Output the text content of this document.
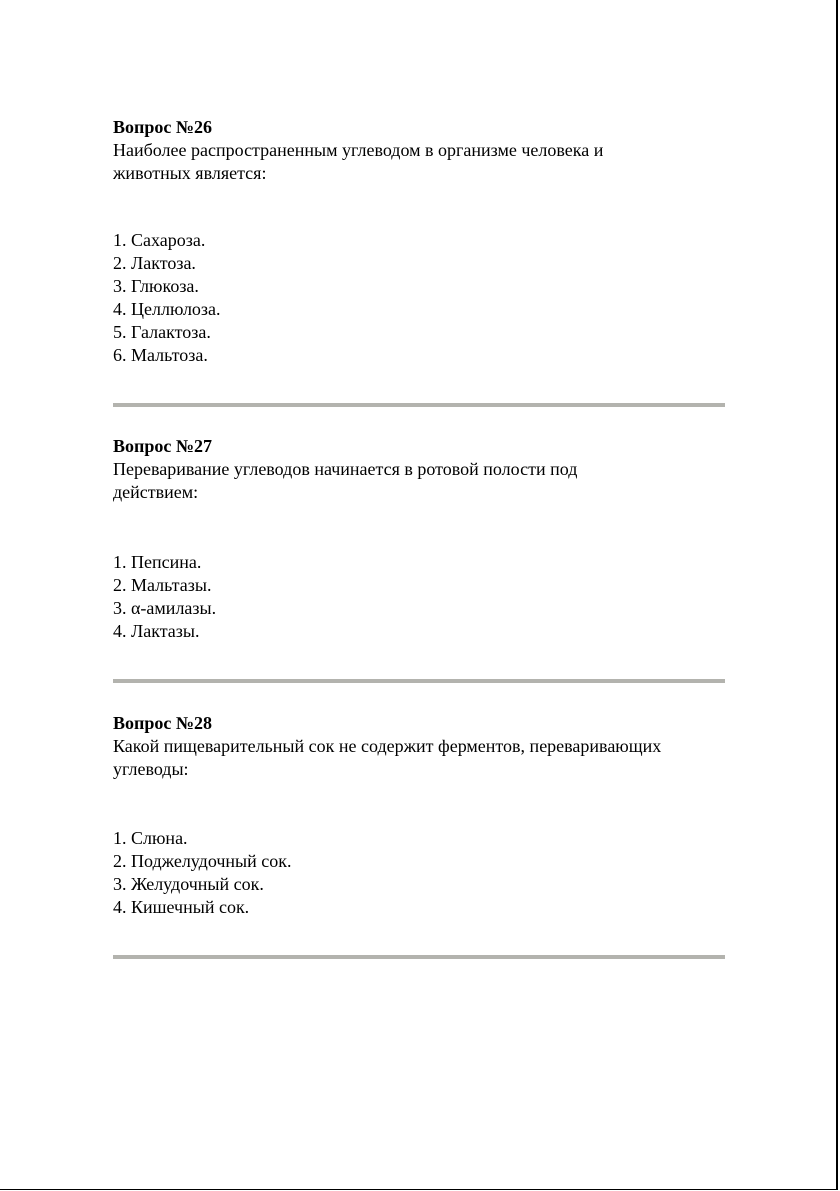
Вопрос №26

Наиболее распространенным углеводом в организме человека и

животных является:

1. Сахароза.
2. Лактоза.
3. Глюкоза.
4. Целлюлоза.
5. Галактоза.
6. Мальтоза.

Вопрос №27

Переваривание углеводов начинается в ротовой полости под

действием:

1. Пепсина.
2. Мальтазы.
3. α-амилазы.
4. Лактазы.

Вопрос №28

Какой пищеварительный сок не содержит ферментов, переваривающих

углеводы:

1. Слюна.
2. Поджелудочный сок.
3. Желудочный сок.
4. Кишечный сок.
